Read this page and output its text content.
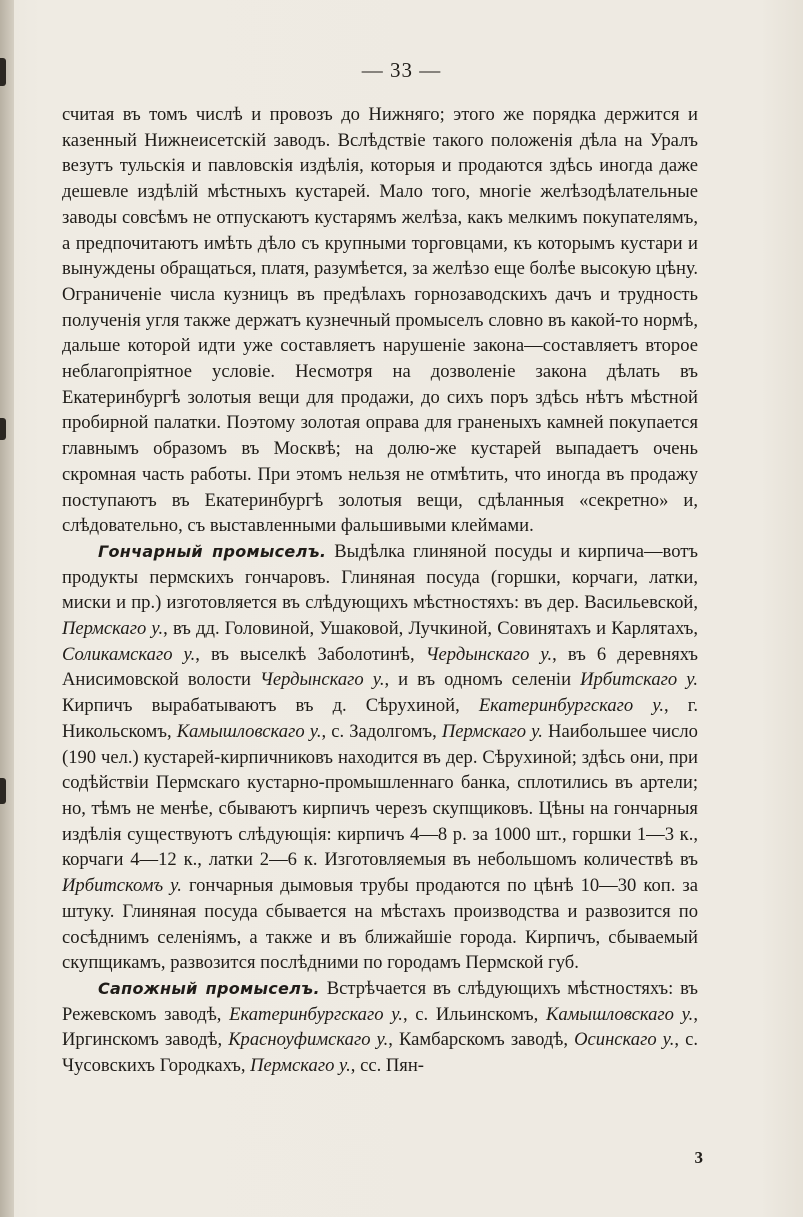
— 33 —

считая въ томъ числѣ и провозъ до Нижняго; этого же порядка держится и казенный Нижнеисетскій заводъ. Вслѣдствіе такого положенія дѣла на Уралъ везутъ тульскія и павловскія издѣлія, которыя и продаются здѣсь иногда даже дешевле издѣлій мѣстныхъ кустарей. Мало того, многіе желѣзодѣлательные заводы совсѣмъ не отпускаютъ кустарямъ желѣза, какъ мелкимъ покупателямъ, а предпочитаютъ имѣть дѣло съ крупными торговцами, къ которымъ кустари и вынуждены обращаться, платя, разумѣется, за желѣзо еще болѣе высокую цѣну. Ограниченіе числа кузницъ въ предѣлахъ горнозаводскихъ дачъ и трудность полученія угля также держатъ кузнечный промыселъ словно въ какой-то нормѣ, дальше которой идти уже составляетъ нарушеніе закона—составляетъ второе неблагопріятное условіе. Несмотря на дозволеніе закона дѣлать въ Екатеринбургѣ золотыя вещи для продажи, до сихъ поръ здѣсь нѣтъ мѣстной пробирной палатки. Поэтому золотая оправа для граненыхъ камней покупается главнымъ образомъ въ Москвѣ; на долю-же кустарей выпадаетъ очень скромная часть работы. При этомъ нельзя не отмѣтить, что иногда въ продажу поступаютъ въ Екатеринбургѣ золотыя вещи, сдѣланныя «секретно» и, слѣдовательно, съ выставленными фальшивыми клеймами.

Гончарный промыселъ. Выдѣлка глиняной посуды и кирпича—вотъ продукты пермскихъ гончаровъ. Глиняная посуда (горшки, корчаги, латки, миски и пр.) изготовляется въ слѣдующихъ мѣстностяхъ: въ дер. Васильевской, Пермскаго у., въ дд. Головиной, Ушаковой, Лучкиной, Совинятахъ и Карлятахъ, Соликамскаго у., въ выселкѣ Заболотинѣ, Чердынскаго у., въ 6 деревняхъ Анисимовской волости Чердынскаго у., и въ одномъ селеніи Ирбитскаго у. Кирпичъ вырабатываютъ въ д. Сѣрухиной, Екатеринбургскаго у., г. Никольскомъ, Камышловскаго у., с. Задолгомъ, Пермскаго у. Наибольшее число (190 чел.) кустарей-кирпичниковъ находится въ дер. Сѣрухиной; здѣсь они, при содѣйствіи Пермскаго кустарно-промышленнаго банка, сплотились въ артели; но, тѣмъ не менѣе, сбываютъ кирпичъ черезъ скупщиковъ. Цѣны на гончарныя издѣлія существуютъ слѣдующія: кирпичъ 4—8 р. за 1000 шт., горшки 1—3 к., корчаги 4—12 к., латки 2—6 к. Изготовляемыя въ небольшомъ количествѣ въ Ирбитскомъ у. гончарныя дымовыя трубы продаются по цѣнѣ 10—30 коп. за штуку. Глиняная посуда сбывается на мѣстахъ производства и развозится по сосѣднимъ селеніямъ, а также и въ ближайшіе города. Кирпичъ, сбываемый скупщикамъ, развозится послѣдними по городамъ Пермской губ.

Сапожный промыселъ. Встрѣчается въ слѣдующихъ мѣстностяхъ: въ Режевскомъ заводѣ, Екатеринбургскаго у., с. Ильинскомъ, Камышловскаго у., Иргинскомъ заводѣ, Красноуфимскаго у., Камбарскомъ заводѣ, Осинскаго у., с. Чусовскихъ Городкахъ, Пермскаго у., сс. Пян-

3
